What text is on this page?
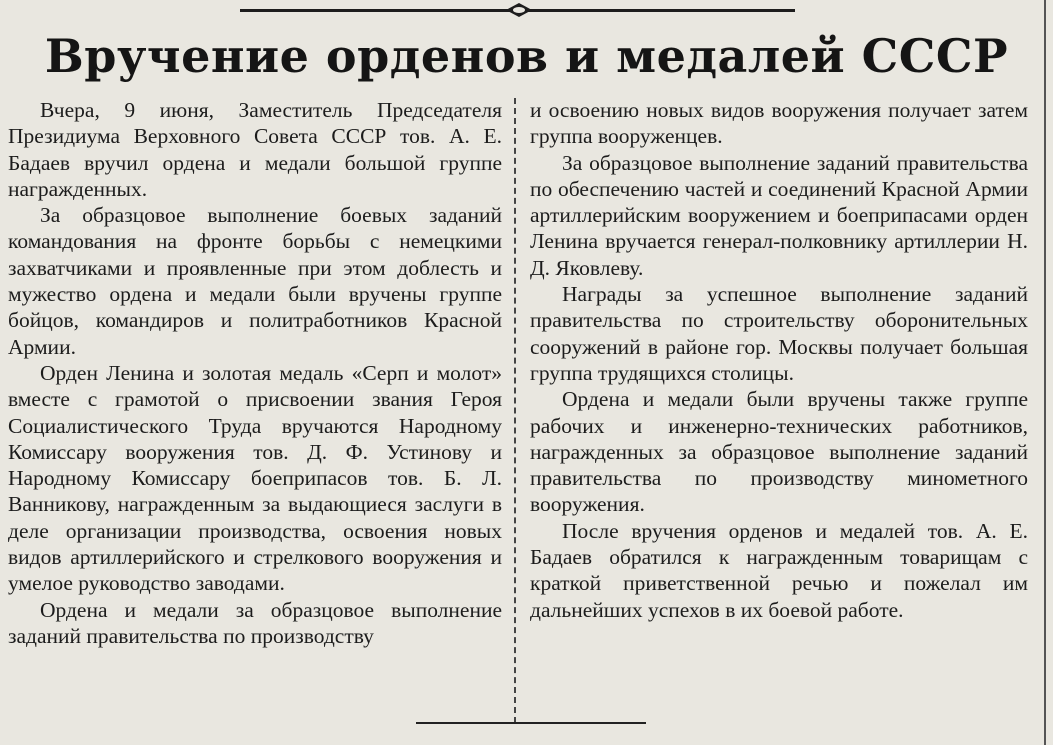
Вручение орденов и медалей СССР

Вчера, 9 июня, Заместитель Председателя Президиума Верховного Совета СССР тов. А. Е. Бадаев вручил ордена и медали большой группе награжденных.

За образцовое выполнение боевых заданий командования на фронте борьбы с немецкими захватчиками и проявленные при этом доблесть и мужество ордена и медали были вручены группе бойцов, командиров и политработников Красной Армии.

Орден Ленина и золотая медаль «Серп и молот» вместе с грамотой о присвоении звания Героя Социалистического Труда вручаются Народному Комиссару вооружения тов. Д. Ф. Устинову и Народному Комиссару боеприпасов тов. Б. Л. Ванникову, награжденным за выдающиеся заслуги в деле организации производства, освоения новых видов артиллерийского и стрелкового вооружения и умелое руководство заводами.

Ордена и медали за образцовое выполнение заданий правительства по производству

и освоению новых видов вооружения получает затем группа вооруженцев.

За образцовое выполнение заданий правительства по обеспечению частей и соединений Красной Армии артиллерийским вооружением и боеприпасами орден Ленина вручается генерал-полковнику артиллерии Н. Д. Яковлеву.

Награды за успешное выполнение заданий правительства по строительству оборонительных сооружений в районе гор. Москвы получает большая группа трудящихся столицы.

Ордена и медали были вручены также группе рабочих и инженерно-технических работников, награжденных за образцовое выполнение заданий правительства по производству минометного вооружения.

После вручения орденов и медалей тов. А. Е. Бадаев обратился к награжденным товарищам с краткой приветственной речью и пожелал им дальнейших успехов в их боевой работе.
